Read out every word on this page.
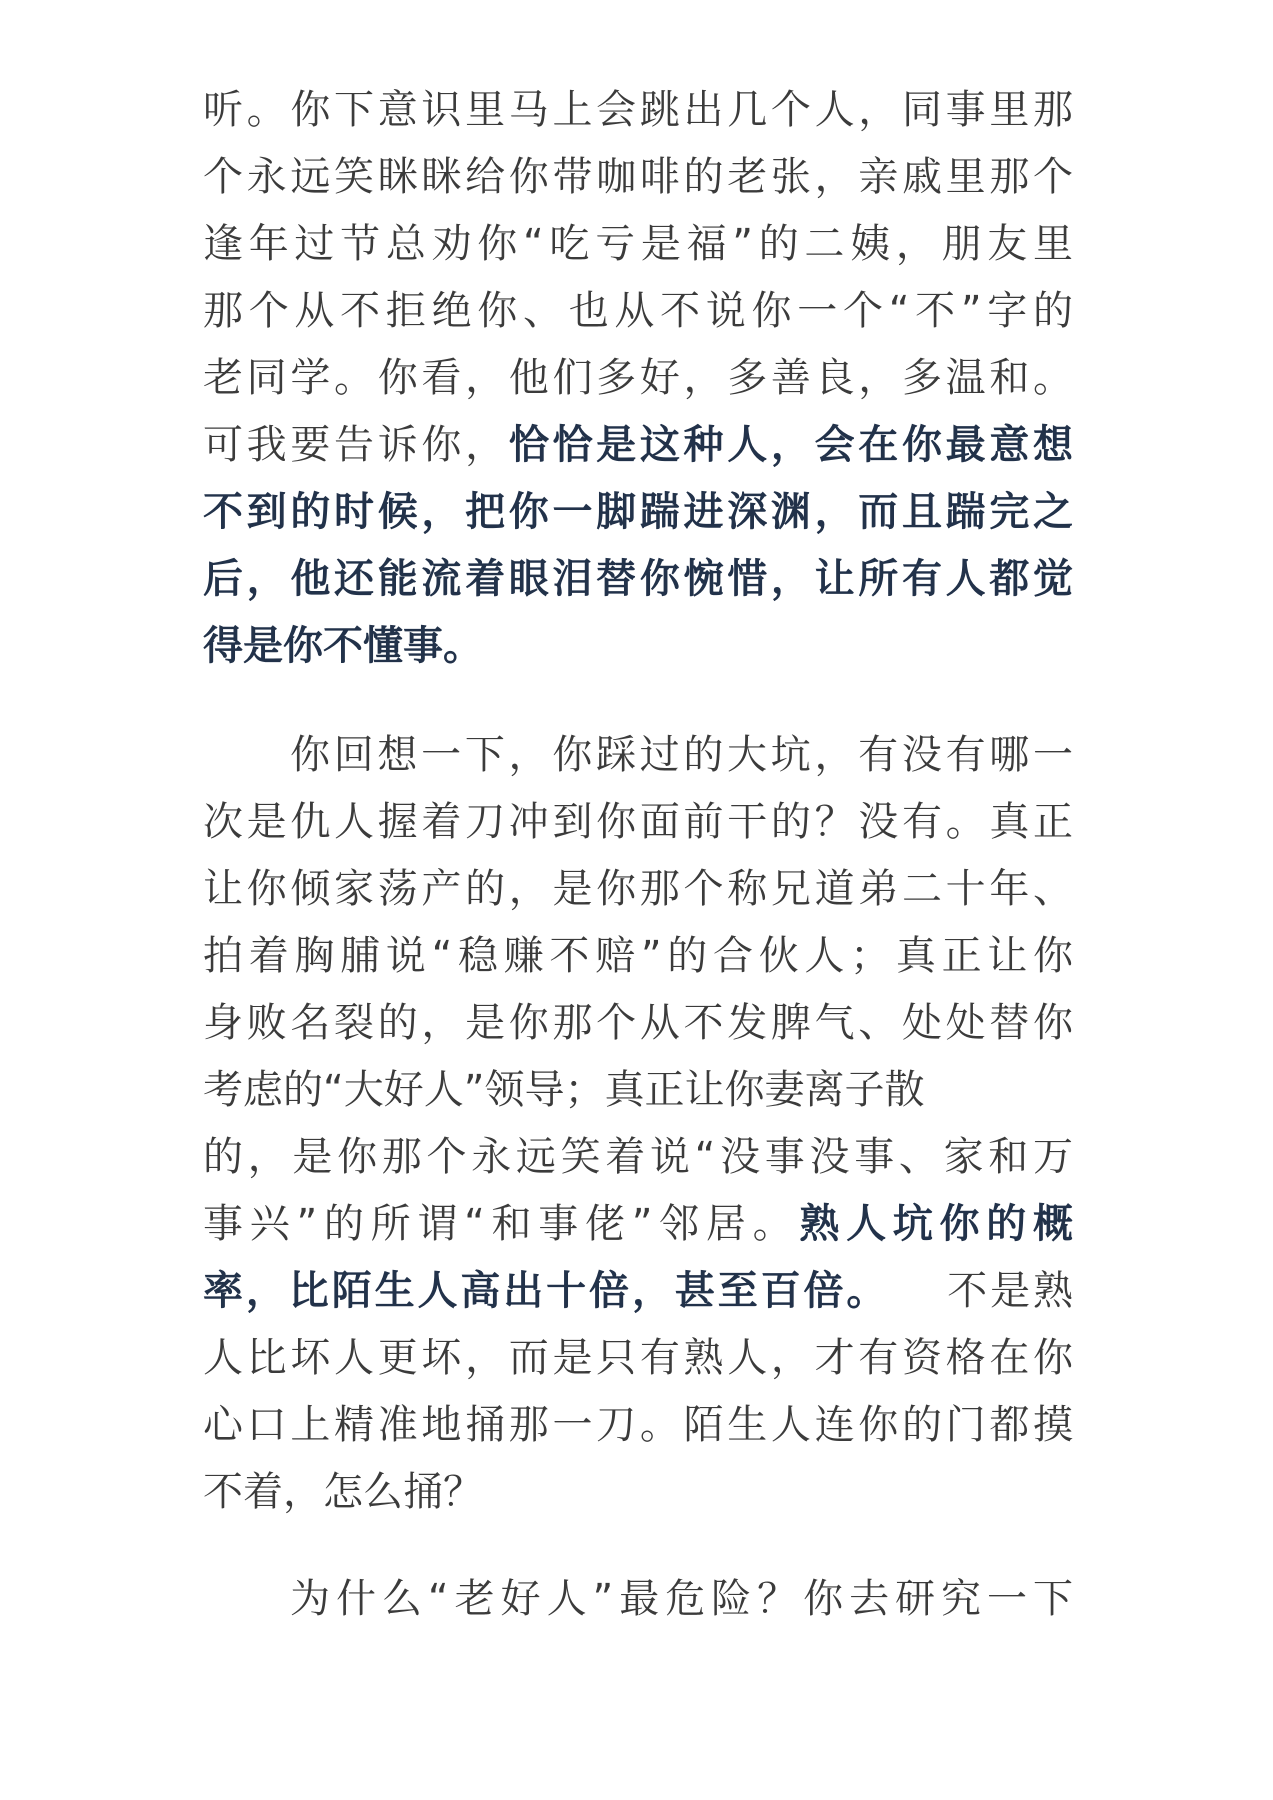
听。你下意识里马上会跳出几个人，同事里那
个永远笑眯眯给你带咖啡的老张，亲戚里那个
逢年过节总劝你“吃亏是福”的二姨，朋友里
那个从不拒绝你、也从不说你一个“不”字的
老同学。你看，他们多好，多善良，多温和。
可我要告诉你，恰恰是这种人，会在你最意想
不到的时候，把你一脚踹进深渊，而且踹完之
后，他还能流着眼泪替你惋惜，让所有人都觉
得是你不懂事。
你回想一下，你踩过的大坑，有没有哪一
次是仇人握着刀冲到你面前干的？没有。真正
让你倾家荡产的，是你那个称兄道弟二十年、
拍着胸脯说“稳赚不赔”的合伙人；真正让你
身败名裂的，是你那个从不发脾气、处处替你
考虑的“大好人”领导；真正让你妻离子散
的，是你那个永远笑着说“没事没事、家和万
事兴”的所谓“和事佬”邻居。熟人坑你的概
率，比陌生人高出十倍，甚至百倍。 不是熟
人比坏人更坏，而是只有熟人，才有资格在你
心口上精准地捅那一刀。陌生人连你的门都摸
不着，怎么捅？
为什么“老好人”最危险？你去研究一下
